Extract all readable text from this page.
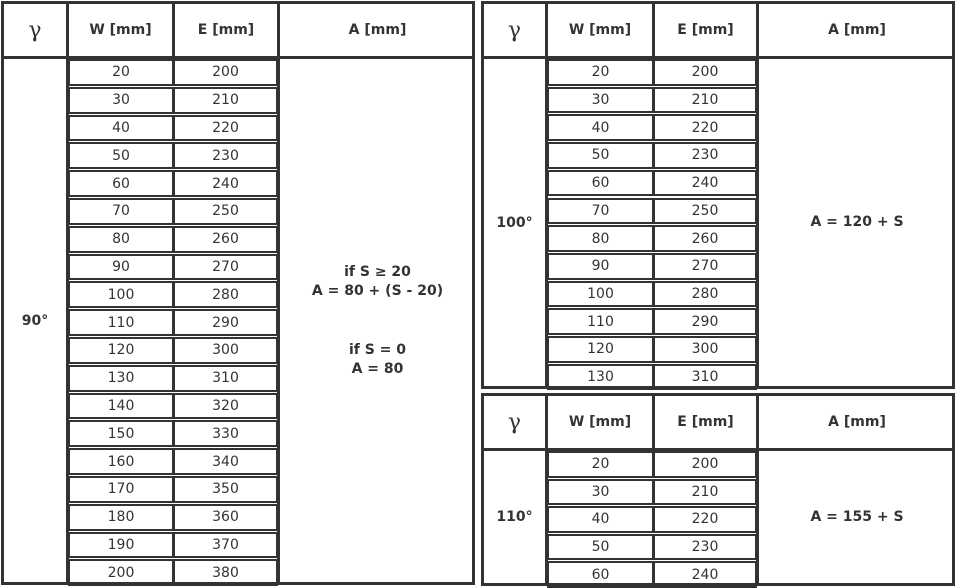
γ	W [mm]	E [mm]	A [mm]
90°
20	200
30	210
40	220
50	230
60	240
70	250
80	260
90	270
100	280
110	290
120	300
130	310
140	320
150	330
160	340
170	350
180	360
190	370
200	380
if S ≥ 20
A = 80 + (S - 20)
if S = 0
A = 80
γ	W [mm]	E [mm]	A [mm]
100°
20	200
30	210
40	220
50	230
60	240
70	250
80	260
90	270
100	280
110	290
120	300
130	310
A = 120 + S
γ	W [mm]	E [mm]	A [mm]
110°
20	200
30	210
40	220
50	230
60	240
A = 155 + S
